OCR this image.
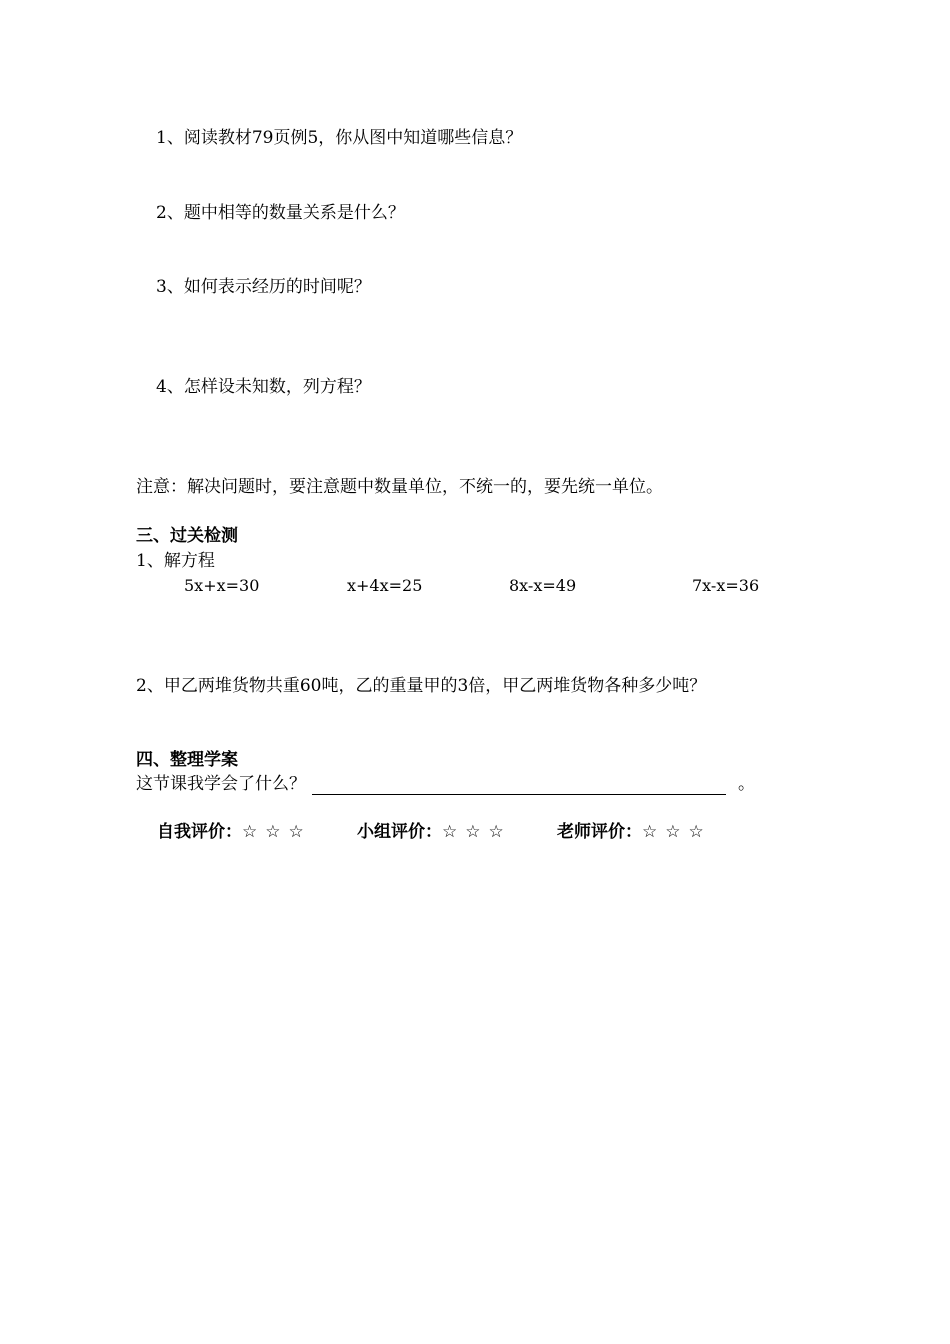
1、阅读教材79页例5，你从图中知道哪些信息？
2、题中相等的数量关系是什么？
3、如何表示经历的时间呢？
4、怎样设未知数，列方程？
注意：解决问题时，要注意题中数量单位，不统一的，要先统一单位。
三、过关检测
1、解方程
5x+x=30	x+4x=25	8x-x=49	7x-x=36
2、甲乙两堆货物共重60吨，乙的重量甲的3倍，甲乙两堆货物各种多少吨？
四、整理学案
这节课我学会了什么？	。
自我评价：☆☆☆	小组评价：☆☆☆	老师评价：☆☆☆
